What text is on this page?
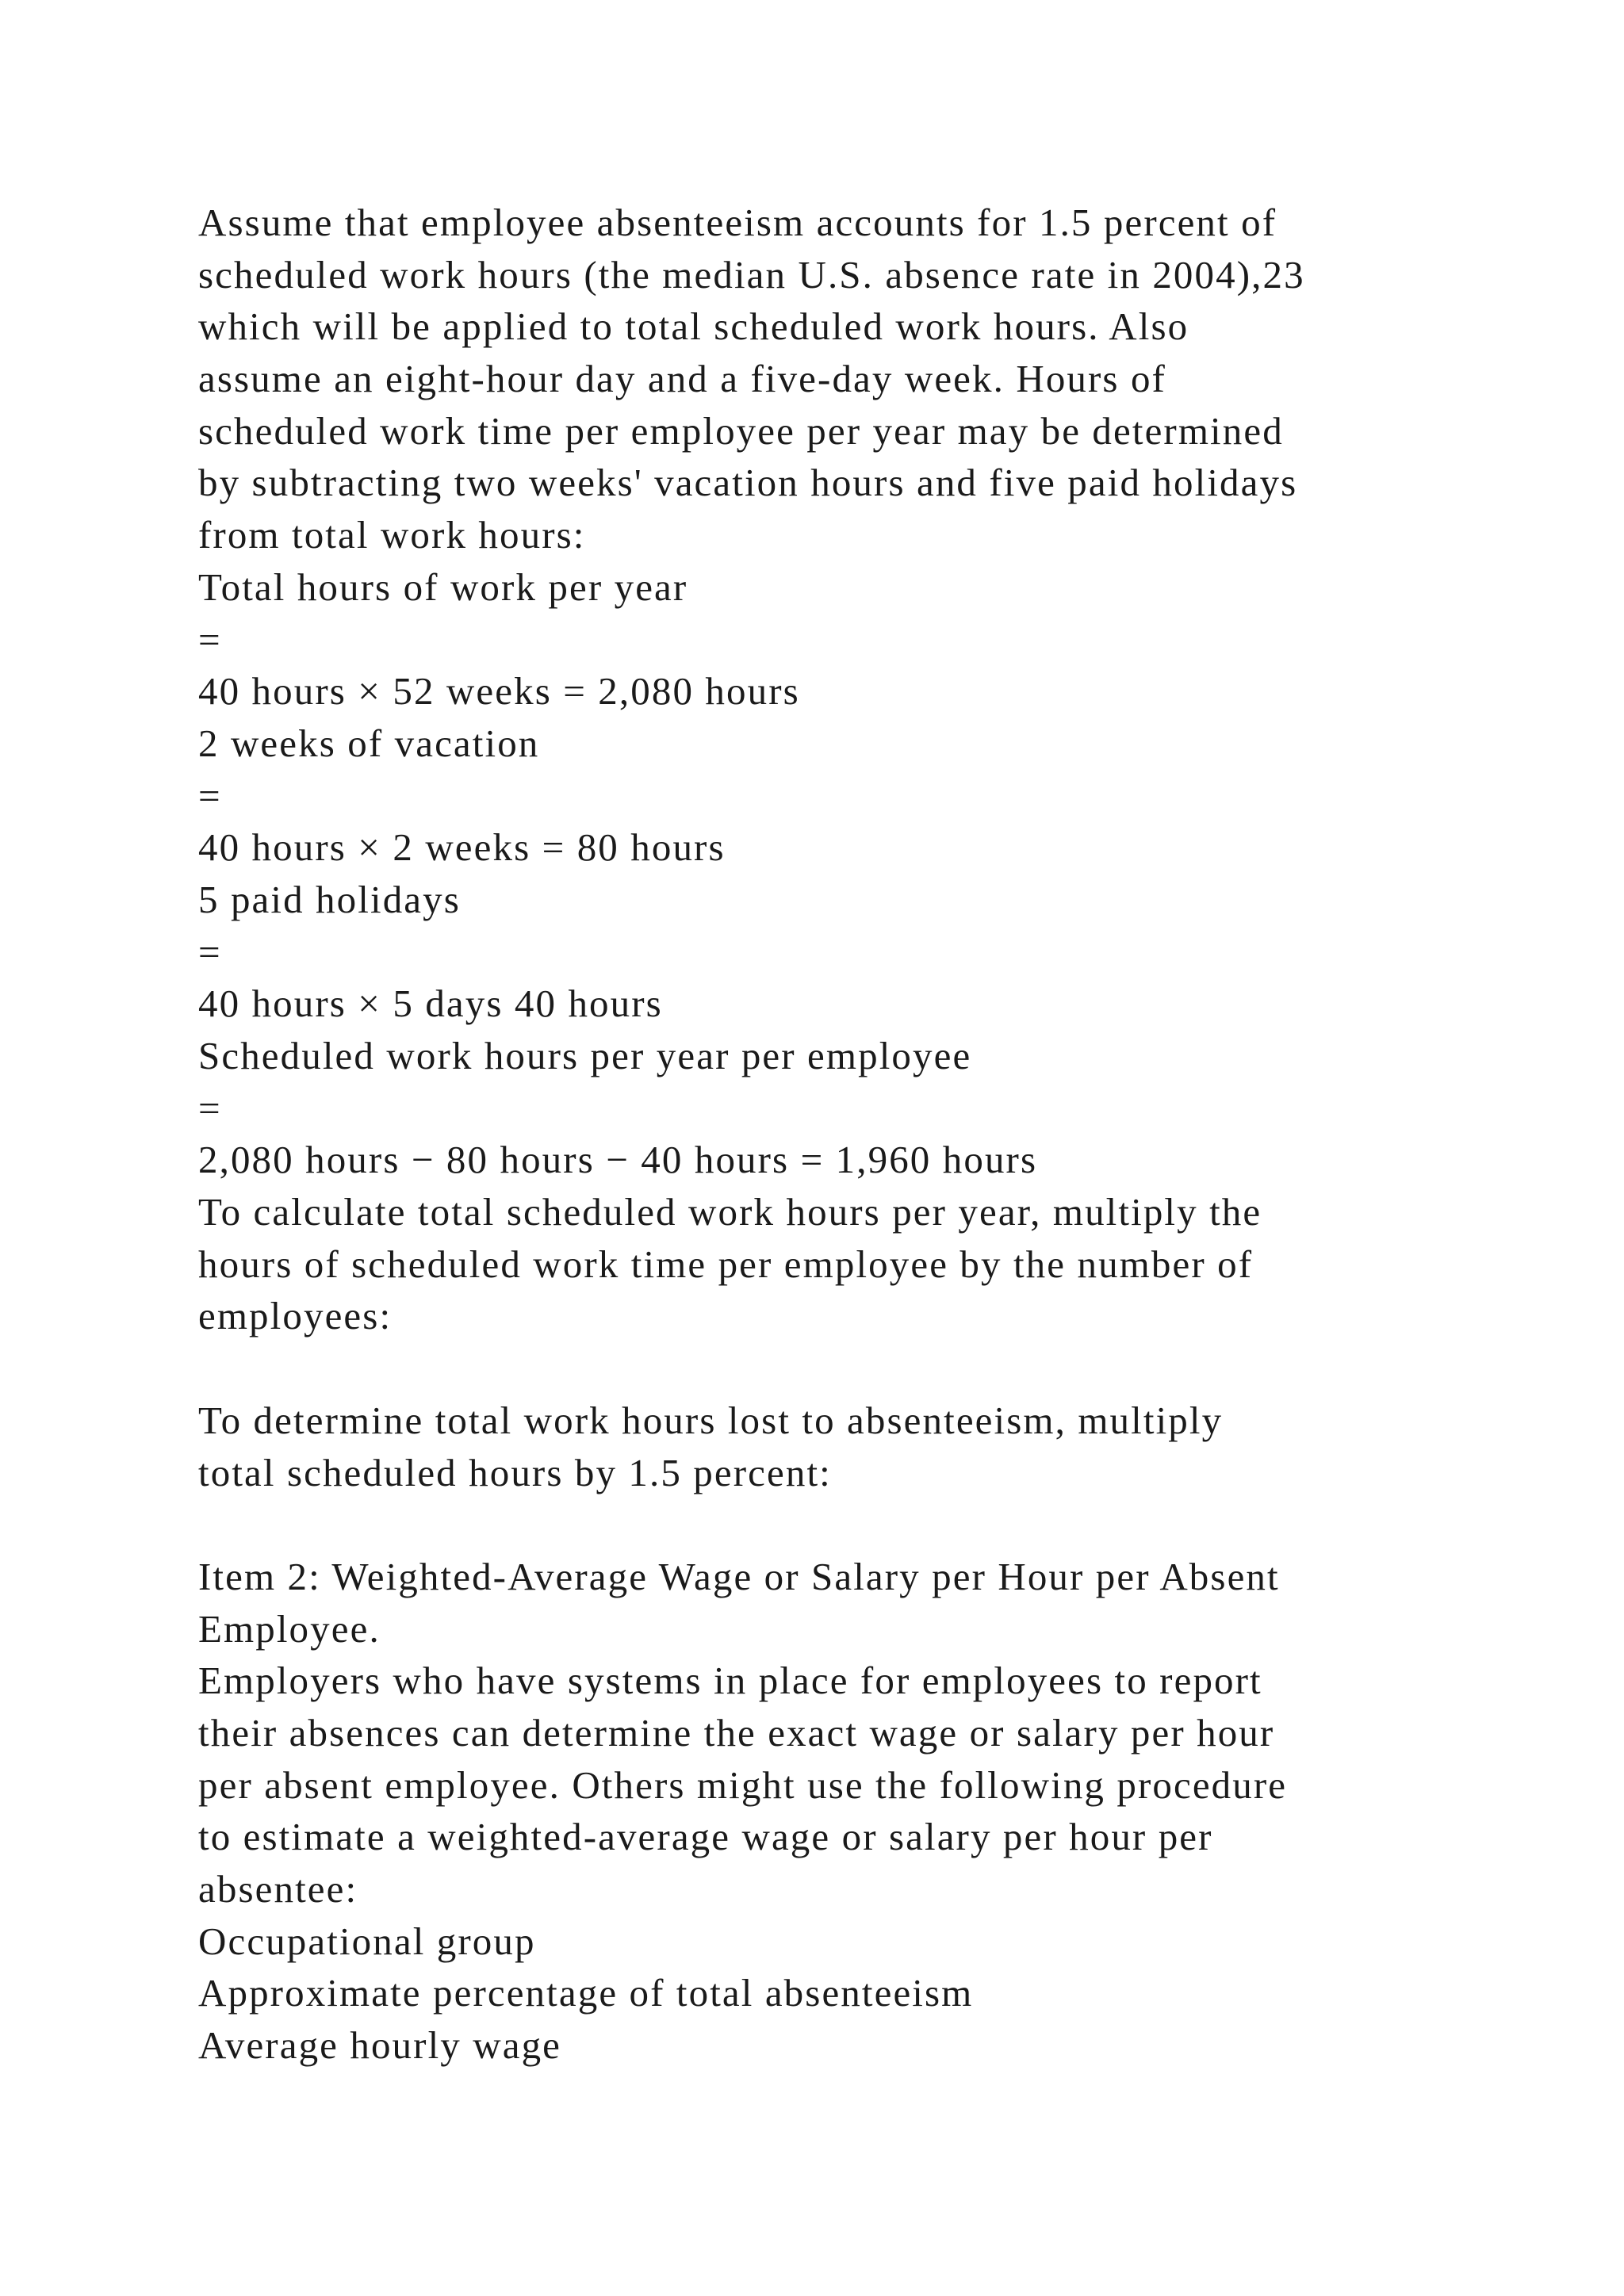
Assume that employee absenteeism accounts for 1.5 percent of
scheduled work hours (the median U.S. absence rate in 2004),23
which will be applied to total scheduled work hours. Also
assume an eight-hour day and a five-day week. Hours of
scheduled work time per employee per year may be determined
by subtracting two weeks' vacation hours and five paid holidays
from total work hours:
Total hours of work per year
=
40 hours × 52 weeks = 2,080 hours
2 weeks of vacation
=
40 hours × 2 weeks = 80 hours
5 paid holidays
=
40 hours × 5 days 40 hours
Scheduled work hours per year per employee
=
2,080 hours − 80 hours − 40 hours = 1,960 hours
To calculate total scheduled work hours per year, multiply the
hours of scheduled work time per employee by the number of
employees:
To determine total work hours lost to absenteeism, multiply
total scheduled hours by 1.5 percent:
Item 2: Weighted-Average Wage or Salary per Hour per Absent
Employee.
Employers who have systems in place for employees to report
their absences can determine the exact wage or salary per hour
per absent employee. Others might use the following procedure
to estimate a weighted-average wage or salary per hour per
absentee:
Occupational group
Approximate percentage of total absenteeism
Average hourly wage
